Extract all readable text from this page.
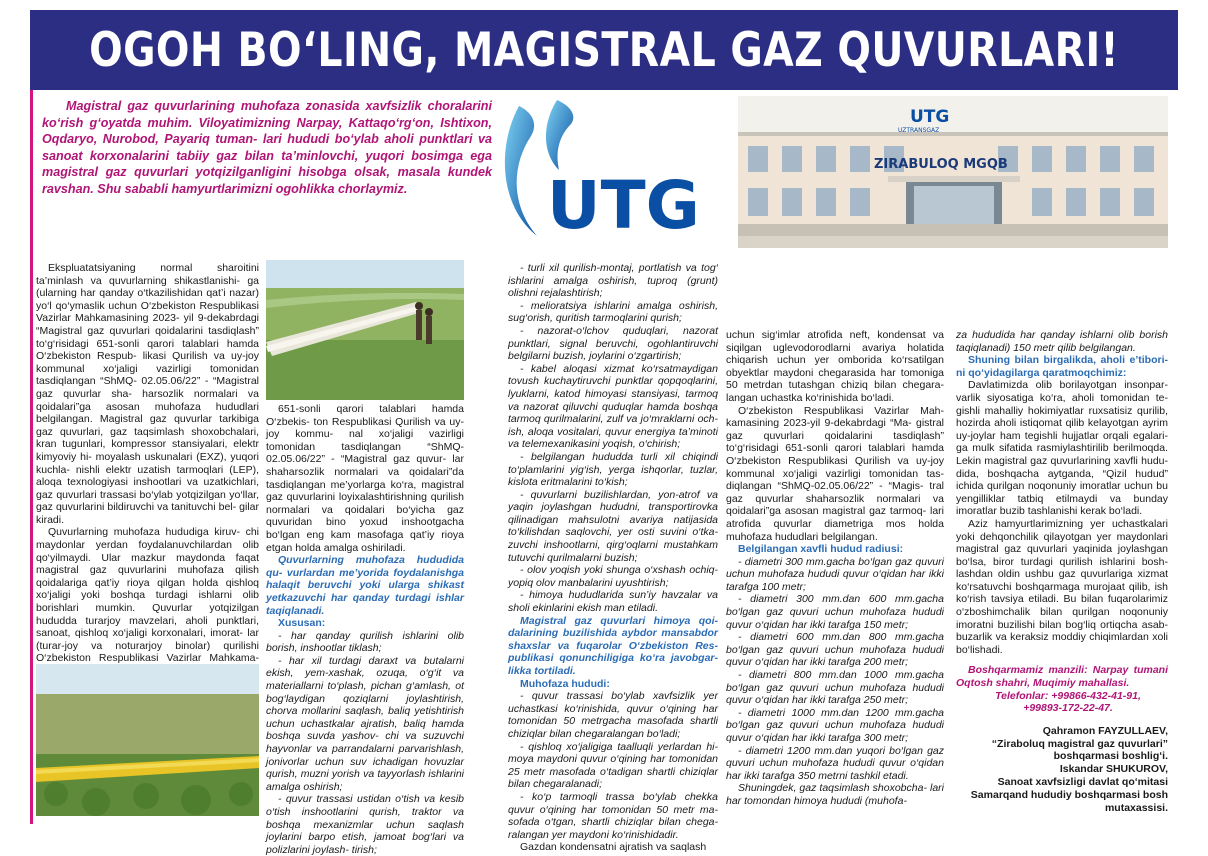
OGOH BO‘LING, MAGISTRAL GAZ QUVURLARI!
Magistral gaz quvurlarining muhofaza zonasida xavfsizlik choralarini ko‘rish g‘oyatda muhim. Viloyatimizning Narpay, Kattaqo‘rg‘on, Ishtixon, Oqdaryo, Nurobod, Payariq tuman- lari hududi bo‘ylab aholi punktlari va sanoat korxonalarini tabiiy gaz bilan ta’minlovchi, yuqori bosimga ega magistral gaz quvurlari yotqizilganligini hisobga olsak, masala kundek ravshan. Shu sababli hamyurtlarimizni ogohlikka chorlaymiz.	UTG
UTG
UZTRANSGAZ
ZIRABULOQ MGQB

Ekspluatatsiyaning normal sharoitini ta’minlash va quvurlarning shikastlanishi- ga (ularning har qanday o‘tkazilishidan qat’i nazar) yo‘l qo‘ymaslik uchun O‘zbekiston Respublikasi Vazirlar Mahkamasining 2023- yil 9-dekabrdagi “Magistral gaz quvurlari qoidalarini tasdiqlash” to‘g‘risidagi 651-sonli qarori talablari hamda O‘zbekiston Respub- likasi Qurilish va uy-joy kommunal xo‘jaligi vazirligi tomonidan tasdiqlangan “ShMQ- 02.05.06/22” - “Magistral gaz quvurlar sha- harsozlik normalari va qoidalari”ga asosan muhofaza hududlari belgilangan. Magistral gaz quvurlar tarkibiga gaz quvurlari, gaz taqsimlash shoxobchalari, kran tugunlari, kompressor stansiyalari, elektr kimyoviy hi- moyalash uskunalari (EXZ), yuqori kuchla- nishli elektr uzatish tarmoqlari (LEP), aloqa texnologiyasi inshootlari va uzatkichlari, gaz quvurlari trassasi bo‘ylab yotqizilgan yo‘llar, gaz quvurlarini bildiruvchi va tanituvchi bel- gilar kiradi.

Quvurlarning muhofaza hududiga kiruv- chi maydonlar yerdan foydalanuvchilardan olib qo‘yilmaydi. Ular mazkur maydonda faqat magistral gaz quvurlarini muhofaza qilish qoidalariga qat’iy rioya qilgan holda qishloq xo‘jaligi yoki boshqa turdagi ishlarni olib borishlari mumkin. Quvurlar yotqizilgan hududda turarjoy mavzelari, aholi punktlari, sanoat, qishloq xo‘jaligi korxonalari, imorat- lar (turar-joy va noturarjoy binolar) qurilishi O‘zbekiston Respublikasi Vazirlar Mahkama-

651-sonli qarori talablari hamda O‘zbekis- ton Respublikasi Qurilish va uy-joy kommu- nal xo‘jaligi vazirligi tomonidan tasdiqlangan “ShMQ-02.05.06/22” - “Magistral gaz quvur- lar shaharsozlik normalari va qoidalari”da tasdiqlangan me’yorlarga ko‘ra, magistral gaz quvurlarini loyixalashtirishning qurilish normalari va qoidalari bo‘yicha gaz quvuridan bino yoxud inshootgacha bo‘lgan eng kam masofaga qat’iy rioya etgan holda amalga oshiriladi.

Quvurlarning muhofaza hududida qu- vurlardan me’yorida foydalanishga halaqit beruvchi yoki ularga shikast yetkazuvchi har qanday turdagi ishlar taqiqlanadi.

Xususan:

- har qanday qurilish ishlarini olib borish, inshootlar tiklash;

- har xil turdagi daraxt va butalarni ekish, yem-xashak, ozuqa, o‘g‘it va materiallarni to‘plash, pichan g‘amlash, ot bog‘laydigan qoziqlarni joylashtirish, chorva mollarini saqlash, baliq yetishtirish uchun uchastkalar ajratish, baliq hamda boshqa suvda yashov- chi va suzuvchi hayvonlar va parrandalarni parvarishlash, jonivorlar uchun suv ichadigan hovuzlar qurish, muzni yorish va tayyorlash ishlarini amalga oshirish;

- quvur trassasi ustidan o‘tish va kesib o‘tish inshootlarini qurish, traktor va boshqa mexanizmlar uchun saqlash joylarini barpo etish, jamoat bog‘lari va polizlarini joylash- tirish;

- turli xil qurilish-montaj, portlatish va tog‘ ishlarini amalga oshirish, tuproq (grunt) olishni rejalashtirish;

- melioratsiya ishlarini amalga oshirish, sug‘orish, quritish tarmoqlarini qurish;

- nazorat-o‘lchov quduqlari, nazorat punktlari, signal beruvchi, ogohlantiruvchi belgilarni buzish, joylarini o‘zgartirish;

- kabel aloqasi xizmat ko‘rsatmaydigan tovush kuchaytiruvchi punktlar qopqoqlarini, lyuklarni, katod himoyasi stansiyasi, tarmoq va nazorat qiluvchi quduqlar hamda boshqa tarmoq qurilmalarini, zulf va jo‘mraklarni och- ish, aloqa vositalari, quvur energiya ta’minoti va telemexanikasini yoqish, o‘chirish;

- belgilangan hududda turli xil chiqindi to‘plamlarini yig‘ish, yerga ishqorlar, tuzlar, kislota eritmalarini to‘kish;

- quvurlarni buzilishlardan, yon-atrof va yaqin joylashgan hududni, transportirovka qilinadigan mahsulotni avariya natijasida to‘kilishdan saqlovchi, yer osti suvini o‘tka- zuvchi inshootlarni, qirg‘oqlarni mustahkam tutuvchi qurilmalarni buzish;

- olov yoqish yoki shunga o‘xshash ochiq- yopiq olov manbalarini uyushtirish;

- himoya hududlarida sun’iy havzalar va sholi ekinlarini ekish man etiladi.

Magistral gaz quvurlari himoya qoi- dalarining buzilishida aybdor mansabdor shaxslar va fuqarolar O‘zbekiston Res- publikasi qonunchiligiga ko‘ra javobgar- likka tortiladi.

Muhofaza hududi:

- quvur trassasi bo‘ylab xavfsizlik yer uchastkasi ko‘rinishida, quvur o‘qining har tomonidan 50 metrgacha masofada shartli chiziqlar bilan chegaralangan bo‘ladi;

- qishloq xo‘jaligiga taalluqli yerlardan hi- moya maydoni quvur o‘qining har tomonidan 25 metr masofada o‘tadigan shartli chiziqlar bilan chegaralanadi;

- ko‘p tarmoqli trassa bo‘ylab chekka quvur o‘qining har tomonidan 50 metr ma- sofada o‘tgan, shartli chiziqlar bilan chega- ralangan yer maydoni ko‘rinishidadir.

Gazdan kondensatni ajratish va saqlash

uchun sig‘imlar atrofida neft, kondensat va siqilgan uglevodorodlarni avariya holatida chiqarish uchun yer omborida ko‘rsatilgan obyektlar maydoni chegarasida har tomoniga 50 metrdan tutashgan chiziq bilan chegara- langan uchastka ko‘rinishida bo‘ladi.

O‘zbekiston Respublikasi Vazirlar Mah- kamasining 2023-yil 9-dekabrdagi “Ma- gistral gaz quvurlari qoidalarini tasdiqlash” to‘g‘risidagi 651-sonli qarori talablari hamda O‘zbekiston Respublikasi Qurilish va uy-joy kommunal xo‘jaligi vazirligi tomonidan tas- diqlangan “ShMQ-02.05.06/22” - “Magis- tral gaz quvurlar shaharsozlik normalari va qoidalari”ga asosan magistral gaz tarmoq- lari atrofida quvurlar diametriga mos holda muhofaza hududlari belgilangan.

Belgilangan xavfli hudud radiusi:

- diametri 300 mm.gacha bo‘lgan gaz quvuri uchun muhofaza hududi quvur o‘qidan har ikki tarafga 100 metr;

- diametri 300 mm.dan 600 mm.gacha bo‘lgan gaz quvuri uchun muhofaza hududi quvur o‘qidan har ikki tarafga 150 metr;

- diametri 600 mm.dan 800 mm.gacha bo‘lgan gaz quvuri uchun muhofaza hududi quvur o‘qidan har ikki tarafga 200 metr;

- diametri 800 mm.dan 1000 mm.gacha bo‘lgan gaz quvuri uchun muhofaza hududi quvur o‘qidan har ikki tarafga 250 metr;

- diametri 1000 mm.dan 1200 mm.gacha bo‘lgan gaz quvuri uchun muhofaza hududi quvur o‘qidan har ikki tarafga 300 metr;

- diametri 1200 mm.dan yuqori bo‘lgan gaz quvuri uchun muhofaza hududi quvur o‘qidan har ikki tarafga 350 metrni tashkil etadi.

Shuningdek, gaz taqsimlash shoxobcha- lari har tomondan himoya hududi (muhofa-

za hududida har qanday ishlarni olib borish taqiqlanadi) 150 metr qilib belgilangan.

Shuning bilan birgalikda, aholi e’tibori- ni qo‘yidagilarga qaratmoqchimiz:

Davlatimizda olib borilayotgan insonpar- varlik siyosatiga ko‘ra, aholi tomonidan te- gishli mahalliy hokimiyatlar ruxsatisiz qurilib, hozirda aholi istiqomat qilib kelayotgan ayrim uy-joylar ham tegishli hujjatlar orqali egalari- ga mulk sifatida rasmiylashtirilib berilmoqda. Lekin magistral gaz quvurlarining xavfli hudu- dida, boshqacha aytganda, “Qizil hudud” ichida qurilgan noqonuniy imoratlar uchun bu yengilliklar tatbiq etilmaydi va bunday imoratlar buzib tashlanishi kerak bo‘ladi.

Aziz hamyurtlarimizning yer uchastkalari yoki dehqonchilik qilayotgan yer maydonlari magistral gaz quvurlari yaqinida joylashgan bo‘lsa, biror turdagi qurilish ishlarini bosh- lashdan oldin ushbu gaz quvurlariga xizmat ko‘rsatuvchi boshqarmaga murojaat qilib, ish ko‘rish tavsiya etiladi. Bu bilan fuqarolarimiz o‘zboshimchalik bilan qurilgan noqonuniy imoratni buzilishi bilan bog‘liq ortiqcha asab- buzarlik va keraksiz moddiy chiqimlardan xoli bo‘lishadi.

Boshqarmamiz manzili: Narpay tumani Oqtosh shahri, Muqimiy mahallasi.

Telefonlar: +99866-432-41-91,

+99893-172-22-47.

Qahramon FAYZULLAEV,
“Ziraboluq magistral gaz quvurlari” boshqarmasi boshlig‘i.
Iskandar SHUKUROV,
Sanoat xavfsizligi davlat qo‘mitasi Samarqand hududiy boshqarmasi bosh mutaxassisi.
